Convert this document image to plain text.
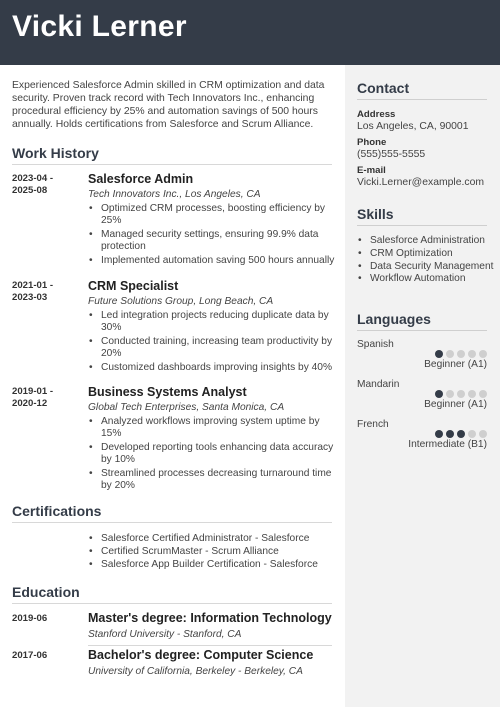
Vicki Lerner
Experienced Salesforce Admin skilled in CRM optimization and data security. Proven track record with Tech Innovators Inc., enhancing procedural efficiency by 25% and automation savings of 500 hours annually. Holds certifications from Salesforce and Scrum Alliance.
Work History
2023-04 -
2025-08
Salesforce Admin
Tech Innovators Inc., Los Angeles, CA
• Optimized CRM processes, boosting efficiency by 25%
• Managed security settings, ensuring 99.9% data protection
• Implemented automation saving 500 hours annually
2021-01 -
2023-03
CRM Specialist
Future Solutions Group, Long Beach, CA
• Led integration projects reducing duplicate data by 30%
• Conducted training, increasing team productivity by 20%
• Customized dashboards improving insights by 40%
2019-01 -
2020-12
Business Systems Analyst
Global Tech Enterprises, Santa Monica, CA
• Analyzed workflows improving system uptime by 15%
• Developed reporting tools enhancing data accuracy by 10%
• Streamlined processes decreasing turnaround time by 20%
Certifications
• Salesforce Certified Administrator - Salesforce
• Certified ScrumMaster - Scrum Alliance
• Salesforce App Builder Certification - Salesforce
Education
2019-06	Master's degree: Information Technology
Stanford University - Stanford, CA
2017-06	Bachelor's degree: Computer Science
University of California, Berkeley - Berkeley, CA
Contact
Address
Los Angeles, CA, 90001
Phone
(555)555-5555
E-mail
Vicki.Lerner@example.com
Skills
• Salesforce Administration
• CRM Optimization
• Data Security Management
• Workflow Automation
Languages
Spanish
Beginner (A1)
Mandarin
Beginner (A1)
French
Intermediate (B1)
